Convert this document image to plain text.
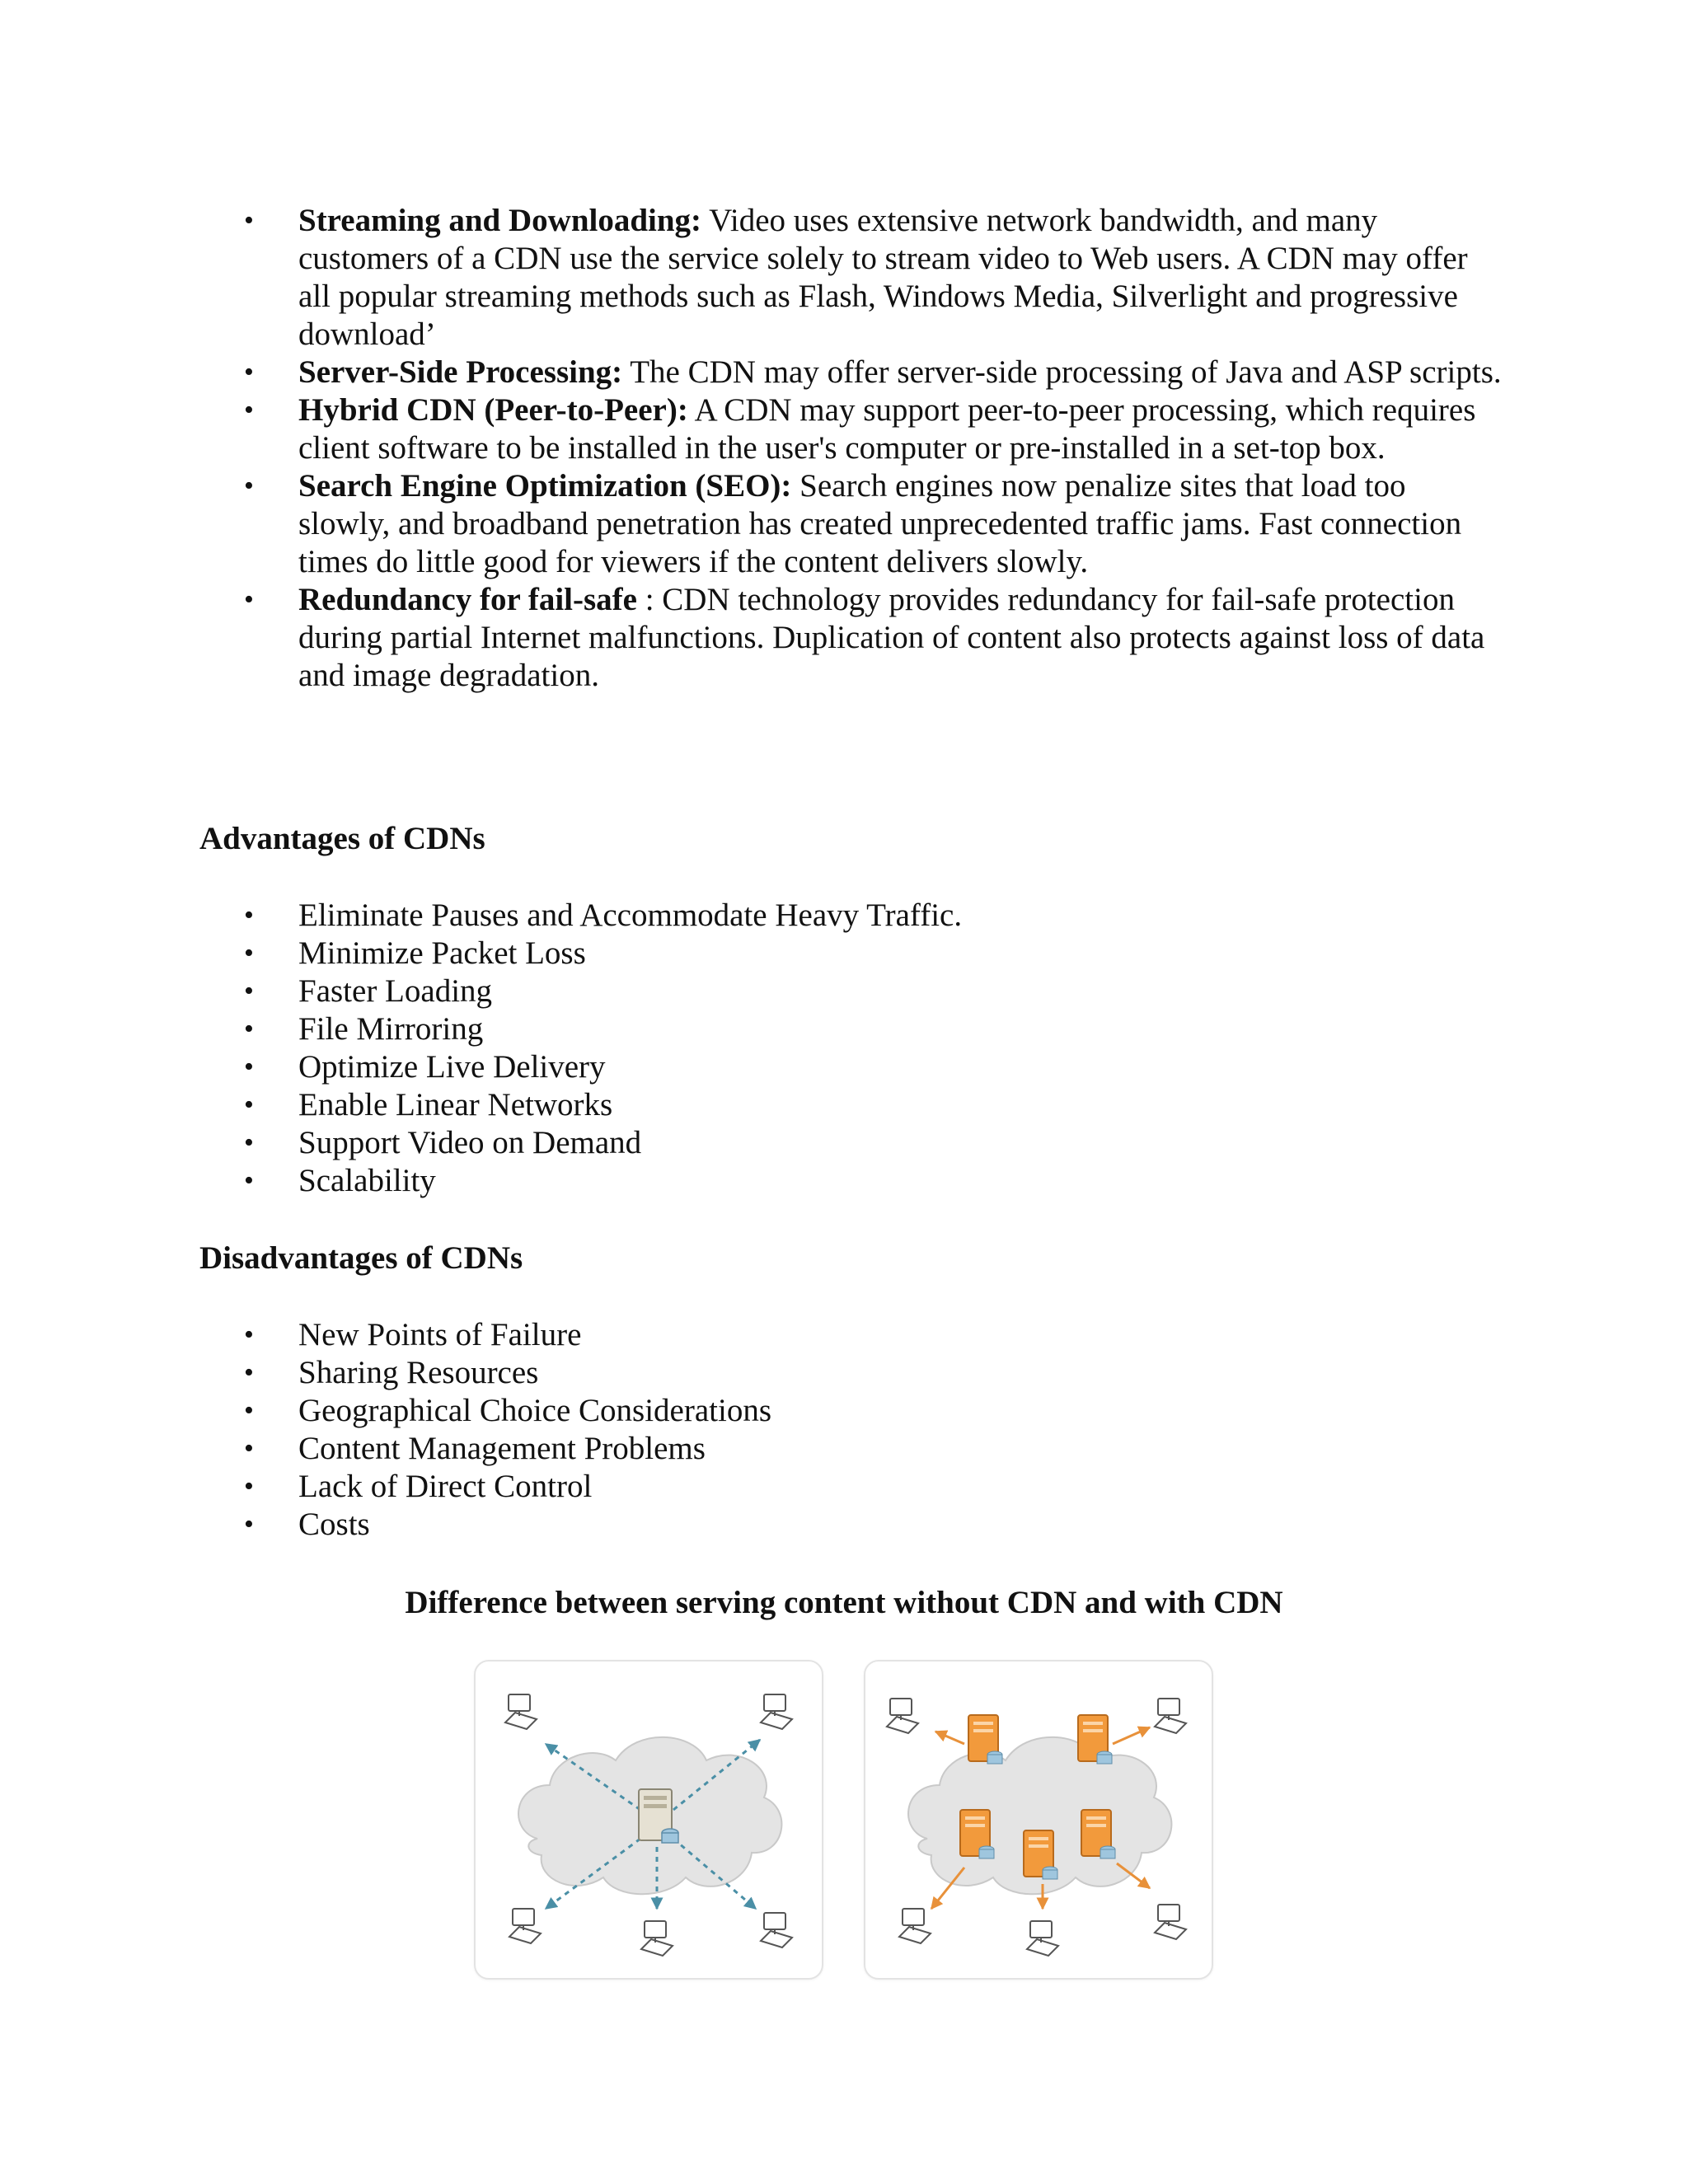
• Streaming and Downloading: Video uses extensive network bandwidth, and many customers of a CDN use the service solely to stream video to Web users. A CDN may offer all popular streaming methods such as Flash, Windows Media, Silverlight and progressive download’
• Server-Side Processing: The CDN may offer server-side processing of Java and ASP scripts.
• Hybrid CDN (Peer-to-Peer): A CDN may support peer-to-peer processing, which requires client software to be installed in the user's computer or pre-installed in a set-top box.
• Search Engine Optimization (SEO): Search engines now penalize sites that load too slowly, and broadband penetration has created unprecedented traffic jams. Fast connection times do little good for viewers if the content delivers slowly.
• Redundancy for fail-safe : CDN technology provides redundancy for fail-safe protection during partial Internet malfunctions. Duplication of content also protects against loss of data and image degradation.
Advantages of CDNs
• Eliminate Pauses and Accommodate Heavy Traffic.
• Minimize Packet Loss
• Faster Loading
• File Mirroring
• Optimize Live Delivery
• Enable Linear Networks
• Support Video on Demand
• Scalability
Disadvantages of CDNs
• New Points of Failure
• Sharing Resources
• Geographical Choice Considerations
• Content Management Problems
• Lack of Direct Control
• Costs
Difference between serving content without CDN and with CDN
